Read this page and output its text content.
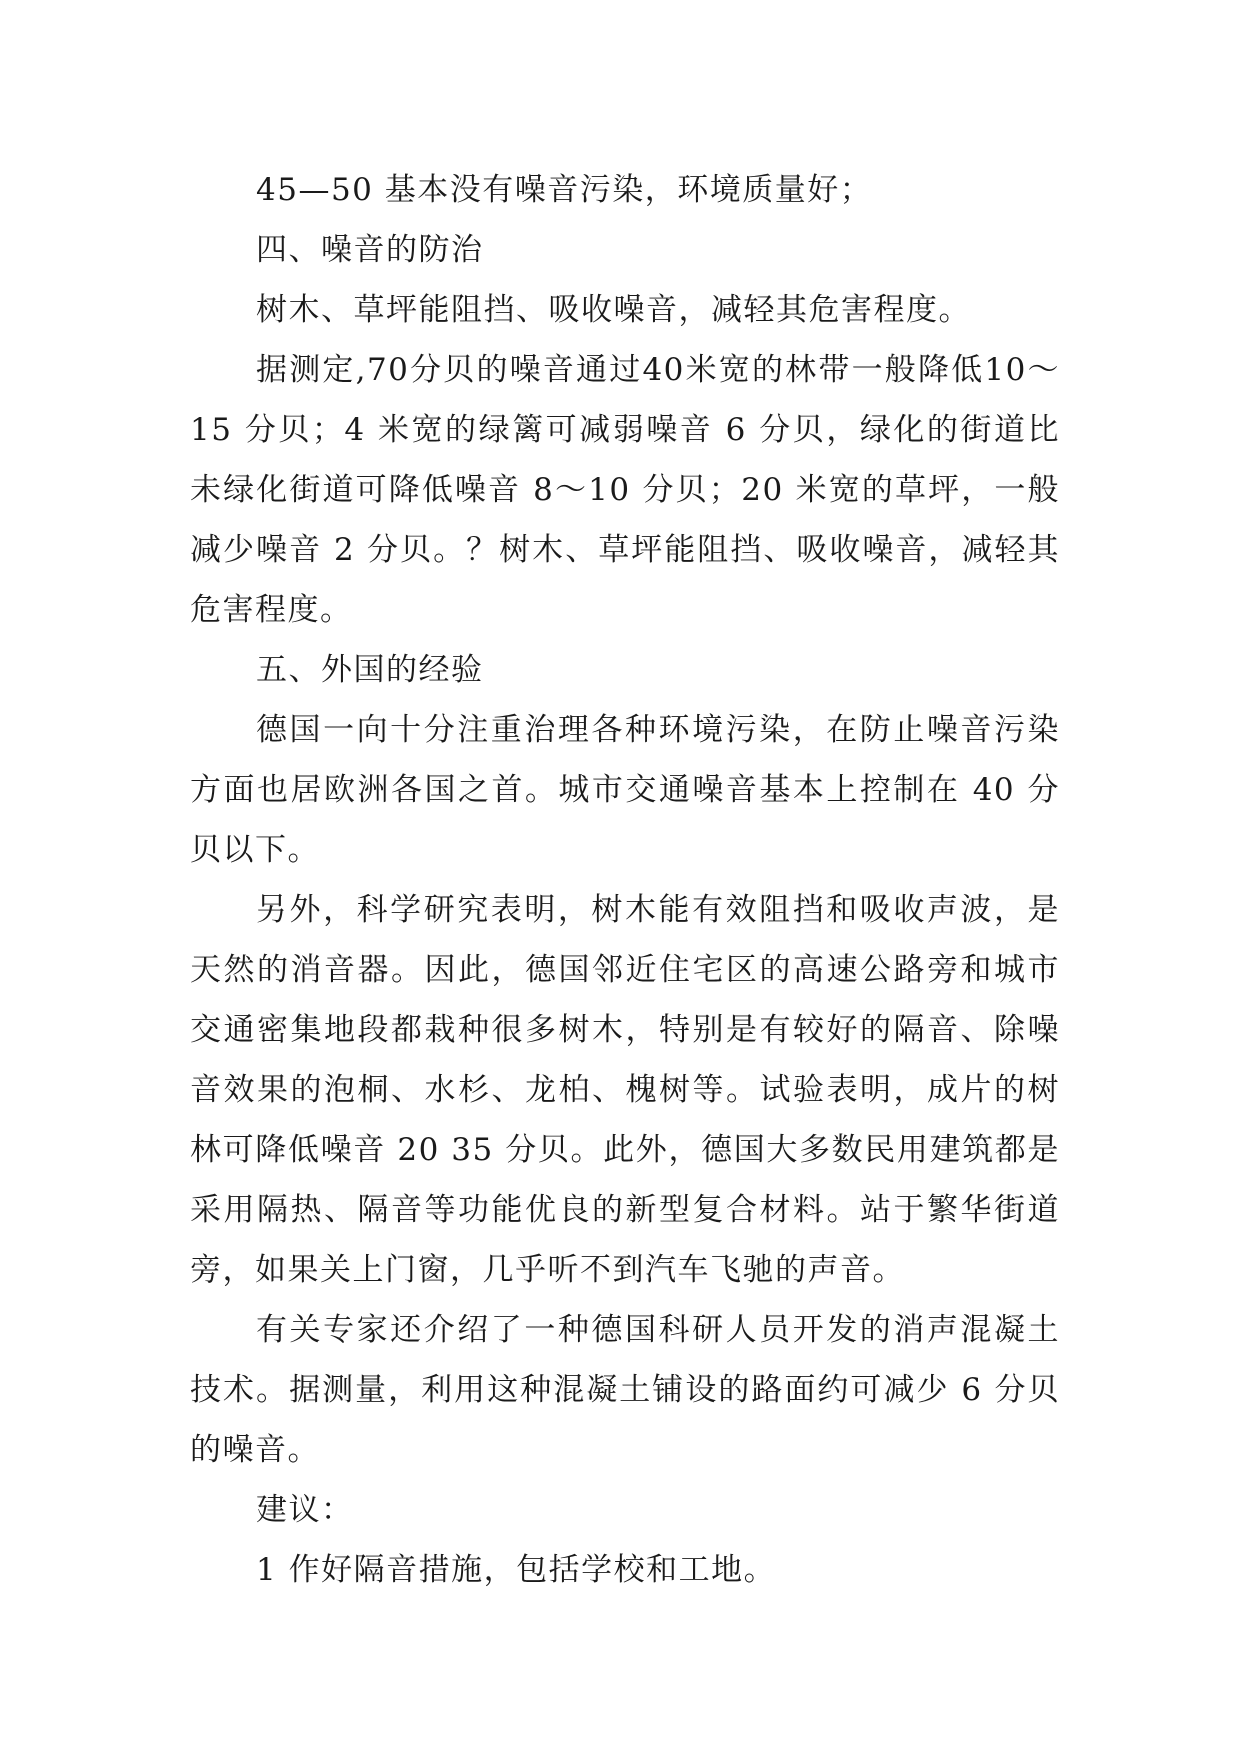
45—50 基本没有噪音污染，环境质量好；

四、噪音的防治

树木、草坪能阻挡、吸收噪音，减轻其危害程度。

据测定,70分贝的噪音通过40米宽的林带一般降低10～15 分贝；4 米宽的绿篱可减弱噪音 6 分贝，绿化的街道比未绿化街道可降低噪音 8～10 分贝；20 米宽的草坪，一般减少噪音 2 分贝。？树木、草坪能阻挡、吸收噪音，减轻其危害程度。

五、外国的经验

德国一向十分注重治理各种环境污染，在防止噪音污染方面也居欧洲各国之首。城市交通噪音基本上控制在 40 分贝以下。

另外，科学研究表明，树木能有效阻挡和吸收声波，是天然的消音器。因此，德国邻近住宅区的高速公路旁和城市交通密集地段都栽种很多树木，特别是有较好的隔音、除噪音效果的泡桐、水杉、龙柏、槐树等。试验表明，成片的树林可降低噪音 20 35 分贝。此外，德国大多数民用建筑都是采用隔热、隔音等功能优良的新型复合材料。站于繁华街道旁，如果关上门窗，几乎听不到汽车飞驰的声音。

有关专家还介绍了一种德国科研人员开发的消声混凝土技术。据测量，利用这种混凝土铺设的路面约可减少 6 分贝的噪音。

建议：

1 作好隔音措施，包括学校和工地。
